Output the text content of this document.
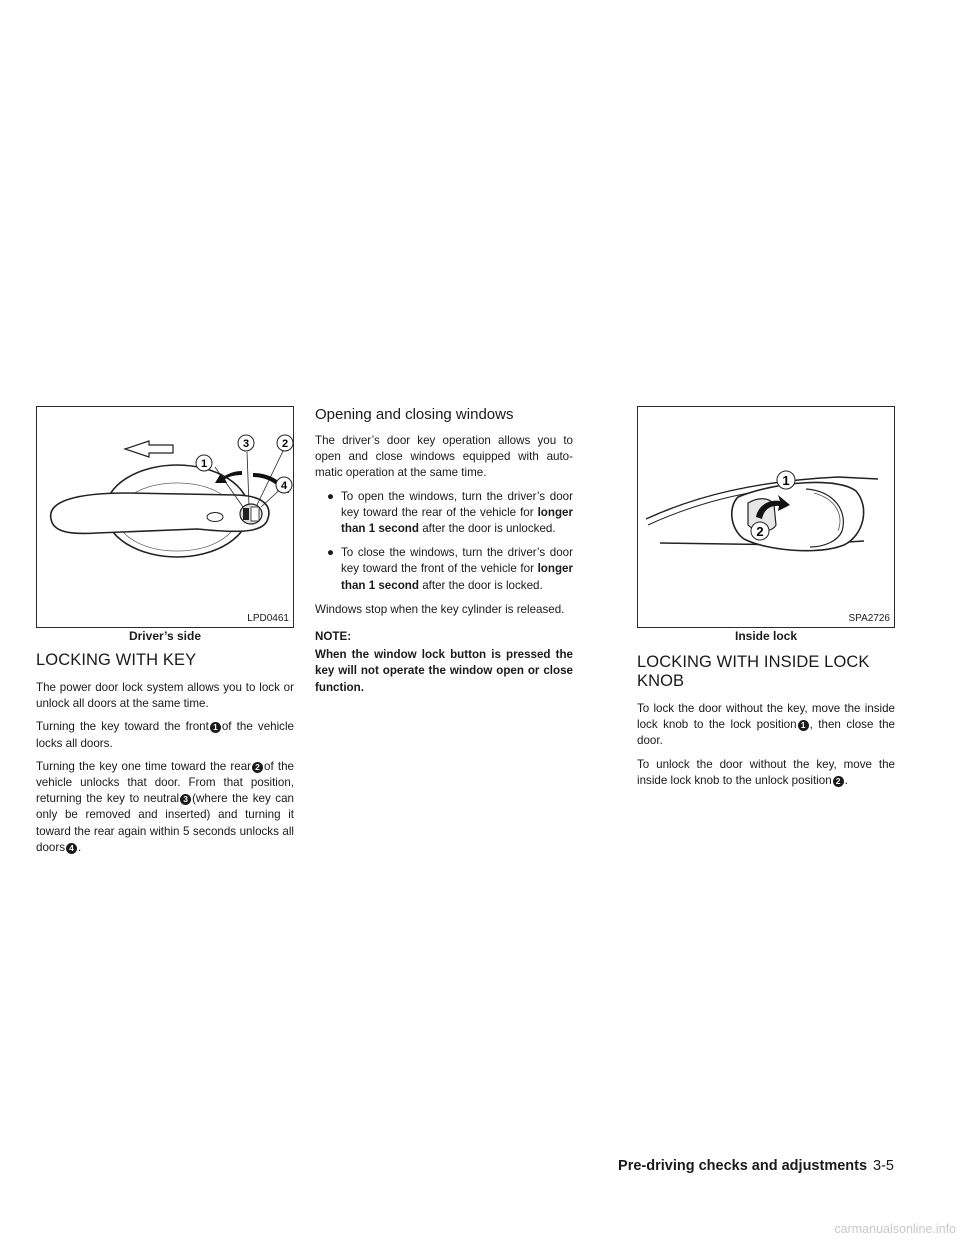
1
3	2
4
LPD0461
Driver’s side
LOCKING WITH KEY

The power door lock system allows you to lock or unlock all doors at the same time.

Turning the key toward the front 1 of the vehicle locks all doors.

Turning the key one time toward the rear 2 of the vehicle unlocks that door. From that position, returning the key to neutral 3 (where the key can only be removed and inserted) and turning it toward the rear again within 5 seconds unlocks all doors 4 .

Opening and closing windows

The driver’s door key operation allows you to open and close windows equipped with auto-matic operation at the same time.

● To open the windows, turn the driver’s door key toward the rear of the vehicle for longer than 1 second after the door is unlocked.
● To close the windows, turn the driver’s door key toward the front of the vehicle for longer than 1 second after the door is locked.

Windows stop when the key cylinder is released.

NOTE:

When the window lock button is pressed the key will not operate the window open or close function.

1
2
SPA2726
Inside lock
LOCKING WITH INSIDE LOCK KNOB

To lock the door without the key, move the inside lock knob to the lock position 1 , then close the door.

To unlock the door without the key, move the inside lock knob to the unlock position 2 .

Pre-driving checks and adjustments 3-5
carmanualsonline.info
